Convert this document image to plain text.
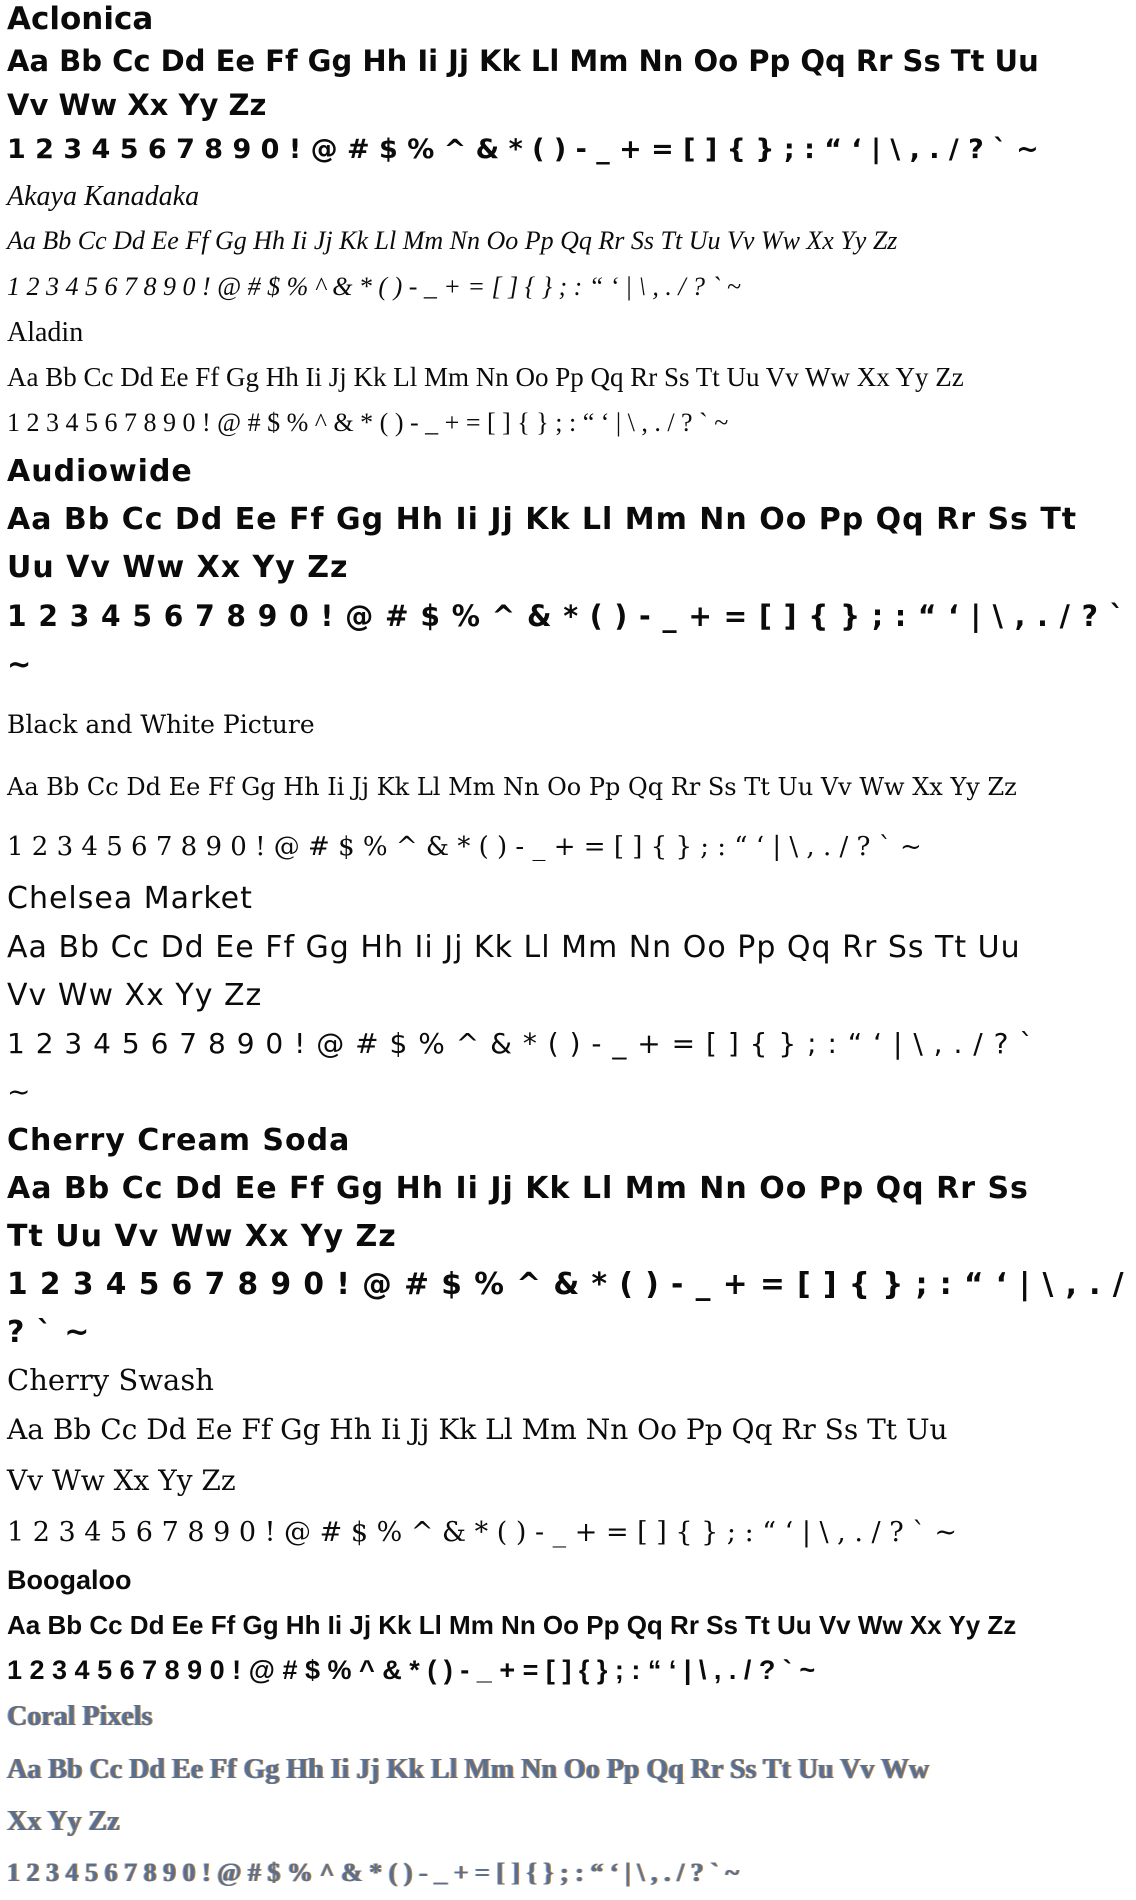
Aclonica
Aa Bb Cc Dd Ee Ff Gg Hh Ii Jj Kk Ll Mm Nn Oo Pp Qq Rr Ss Tt Uu
Vv Ww Xx Yy Zz
1 2 3 4 5 6 7 8 9 0 ! @ # $ % ^ & * ( ) - _ + = [ ] { } ; : “ ‘ | \ , . / ? ` ~
Akaya Kanadaka
Aa Bb Cc Dd Ee Ff Gg Hh Ii Jj Kk Ll Mm Nn Oo Pp Qq Rr Ss Tt Uu Vv Ww Xx Yy Zz
1 2 3 4 5 6 7 8 9 0 ! @ # $ % ^ & * ( ) - _ + = [ ] { } ; : “ ‘ | \ , . / ? ` ~
Aladin
Aa Bb Cc Dd Ee Ff Gg Hh Ii Jj Kk Ll Mm Nn Oo Pp Qq Rr Ss Tt Uu Vv Ww Xx Yy Zz
1 2 3 4 5 6 7 8 9 0 ! @ # $ % ^ & * ( ) - _ + = [ ] { } ; : “ ‘ | \ , . / ? ` ~
Audiowide
Aa Bb Cc Dd Ee Ff Gg Hh Ii Jj Kk Ll Mm Nn Oo Pp Qq Rr Ss Tt
Uu Vv Ww Xx Yy Zz
1 2 3 4 5 6 7 8 9 0 ! @ # $ % ^ & * ( ) - _ + = [ ] { } ; : “ ‘ | \ , . / ? `
~
Black and White Picture
Aa Bb Cc Dd Ee Ff Gg Hh Ii Jj Kk Ll Mm Nn Oo Pp Qq Rr Ss Tt Uu Vv Ww Xx Yy Zz
1 2 3 4 5 6 7 8 9 0 ! @ # $ % ^ & * ( ) - _ + = [ ] { } ; : “ ‘ | \ , . / ? ` ~
Chelsea Market
Aa Bb Cc Dd Ee Ff Gg Hh Ii Jj Kk Ll Mm Nn Oo Pp Qq Rr Ss Tt Uu
Vv Ww Xx Yy Zz
1 2 3 4 5 6 7 8 9 0 ! @ # $ % ^ & * ( ) - _ + = [ ] { } ; : “ ‘ | \ , . / ? `
~
Cherry Cream Soda
Aa Bb Cc Dd Ee Ff Gg Hh Ii Jj Kk Ll Mm Nn Oo Pp Qq Rr Ss
Tt Uu Vv Ww Xx Yy Zz
1 2 3 4 5 6 7 8 9 0 ! @ # $ % ^ & * ( ) - _ + = [ ] { } ; : “ ‘ | \ , . /
? ` ~
Cherry Swash
Aa Bb Cc Dd Ee Ff Gg Hh Ii Jj Kk Ll Mm Nn Oo Pp Qq Rr Ss Tt Uu
Vv Ww Xx Yy Zz
1 2 3 4 5 6 7 8 9 0 ! @ # $ % ^ & * ( ) - _ + = [ ] { } ; : “ ‘ | \ , . / ? ` ~
Boogaloo
Aa Bb Cc Dd Ee Ff Gg Hh Ii Jj Kk Ll Mm Nn Oo Pp Qq Rr Ss Tt Uu Vv Ww Xx Yy Zz
1 2 3 4 5 6 7 8 9 0 ! @ # $ % ^ & * ( ) - _ + = [ ] { } ; : “ ‘ | \ , . / ? ` ~
Coral Pixels
Aa Bb Cc Dd Ee Ff Gg Hh Ii Jj Kk Ll Mm Nn Oo Pp Qq Rr Ss Tt Uu Vv Ww
Xx Yy Zz
1 2 3 4 5 6 7 8 9 0 ! @ # $ % ^ & * ( ) - _ + = [ ] { } ; : “ ‘ | \ , . / ? ` ~
